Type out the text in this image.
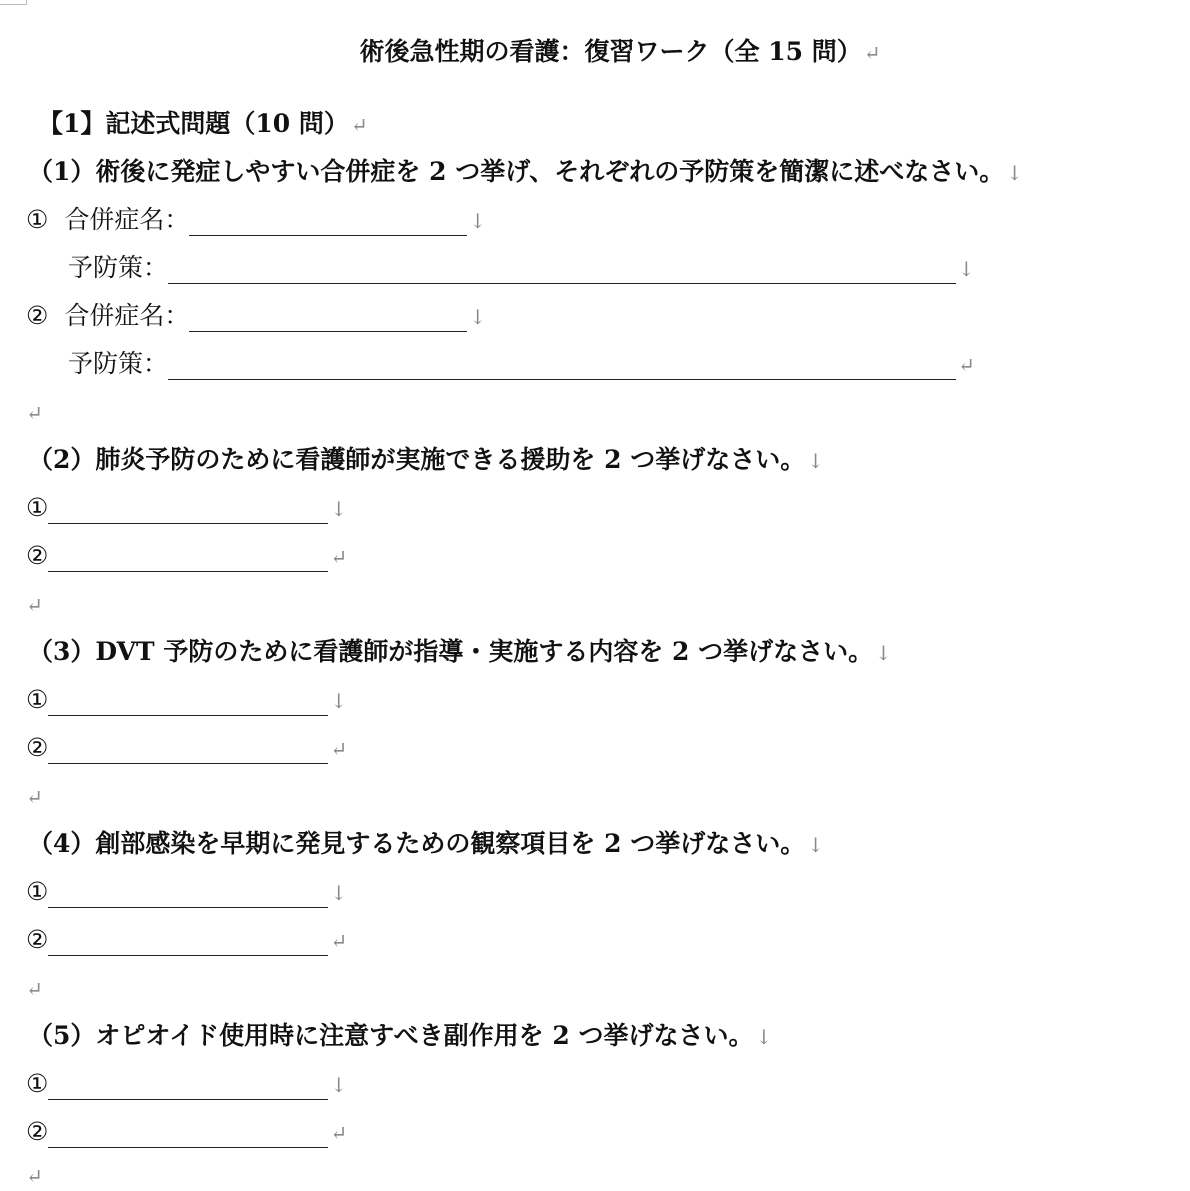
術後急性期の看護：復習ワーク（全 15 問） ↵
【1】記述式問題（10 問） ↵
（1）術後に発症しやすい合併症を 2 つ挙げ、それぞれの予防策を簡潔に述べなさい。 ↓
① 合併症名：	↓
予防策：	↓
② 合併症名：	↓
予防策：	↵
↵
（2）肺炎予防のために看護師が実施できる援助を 2 つ挙げなさい。 ↓
①	↓
②	↵
↵
（3）DVT 予防のために看護師が指導・実施する内容を 2 つ挙げなさい。 ↓
①	↓
②	↵
↵
（4）創部感染を早期に発見するための観察項目を 2 つ挙げなさい。 ↓
①	↓
②	↵
↵
（5）オピオイド使用時に注意すべき副作用を 2 つ挙げなさい。 ↓
①	↓
②	↵
↵
